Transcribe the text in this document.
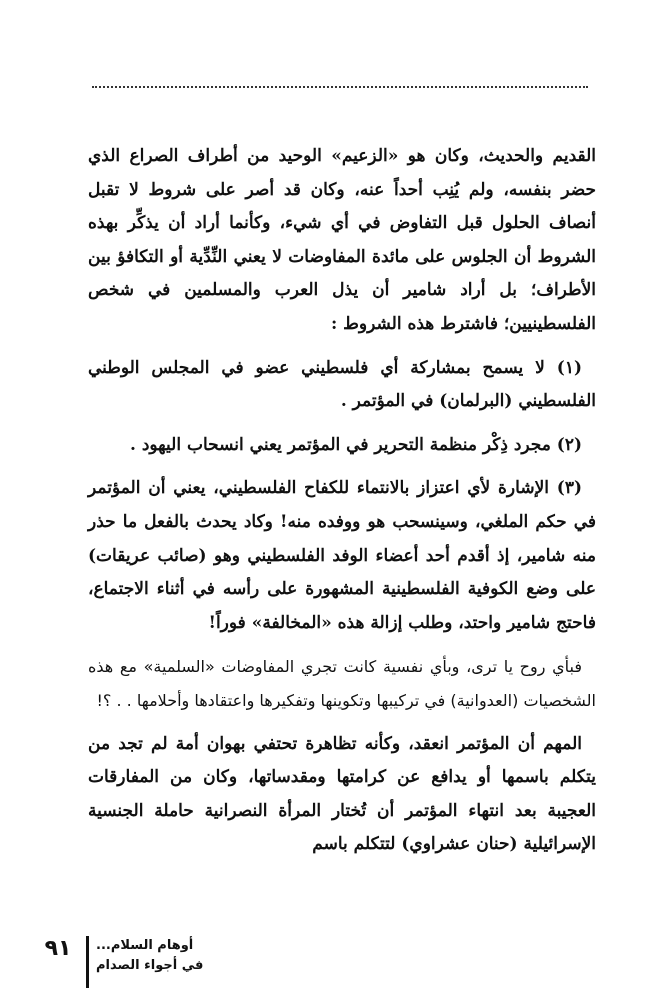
القديم والحديث، وكان هو «الزعيم» الوحيد من أطراف الصراع الذي حضر بنفسه، ولم يُنِب أحداً عنه، وكان قد أصر على شروط لا تقبل أنصاف الحلول قبل التفاوض في أي شيء، وكأنما أراد أن يذكِّر بهذه الشروط أن الجلوس على مائدة المفاوضات لا يعني النِّدِّية أو التكافؤ بين الأطراف؛ بل أراد شامير أن يذل العرب والمسلمين في شخص الفلسطينيين؛ فاشترط هذه الشروط :

(١) لا يسمح بمشاركة أي فلسطيني عضو في المجلس الوطني الفلسطيني (البرلمان) في المؤتمر .

(٢) مجرد ذِكْر منظمة التحرير في المؤتمر يعني انسحاب اليهود .

(٣) الإشارة لأي اعتزاز بالانتماء للكفاح الفلسطيني، يعني أن المؤتمر في حكم الملغي، وسينسحب هو ووفده منه! وكاد يحدث بالفعل ما حذر منه شامير، إذ أقدم أحد أعضاء الوفد الفلسطيني وهو (صائب عريقات) على وضع الكوفية الفلسطينية المشهورة على رأسه في أثناء الاجتماع، فاحتج شامير واحتد، وطلب إزالة هذه «المخالفة» فوراً!

فبأي روح يا ترى، وبأي نفسية كانت تجري المفاوضات «السلمية» مع هذه الشخصيات (العدوانية) في تركيبها وتكوينها وتفكيرها واعتقادها وأحلامها . . ؟!

المهم أن المؤتمر انعقد، وكأنه تظاهرة تحتفي بهوان أمة لم تجد من يتكلم باسمها أو يدافع عن كرامتها ومقدساتها، وكان من المفارقات العجيبة بعد انتهاء المؤتمر أن تُختار المرأة النصرانية حاملة الجنسية الإسرائيلية (حنان عشراوي) لتتكلم باسم

٩١	أوهام السلام...
في أجواء الصدام
